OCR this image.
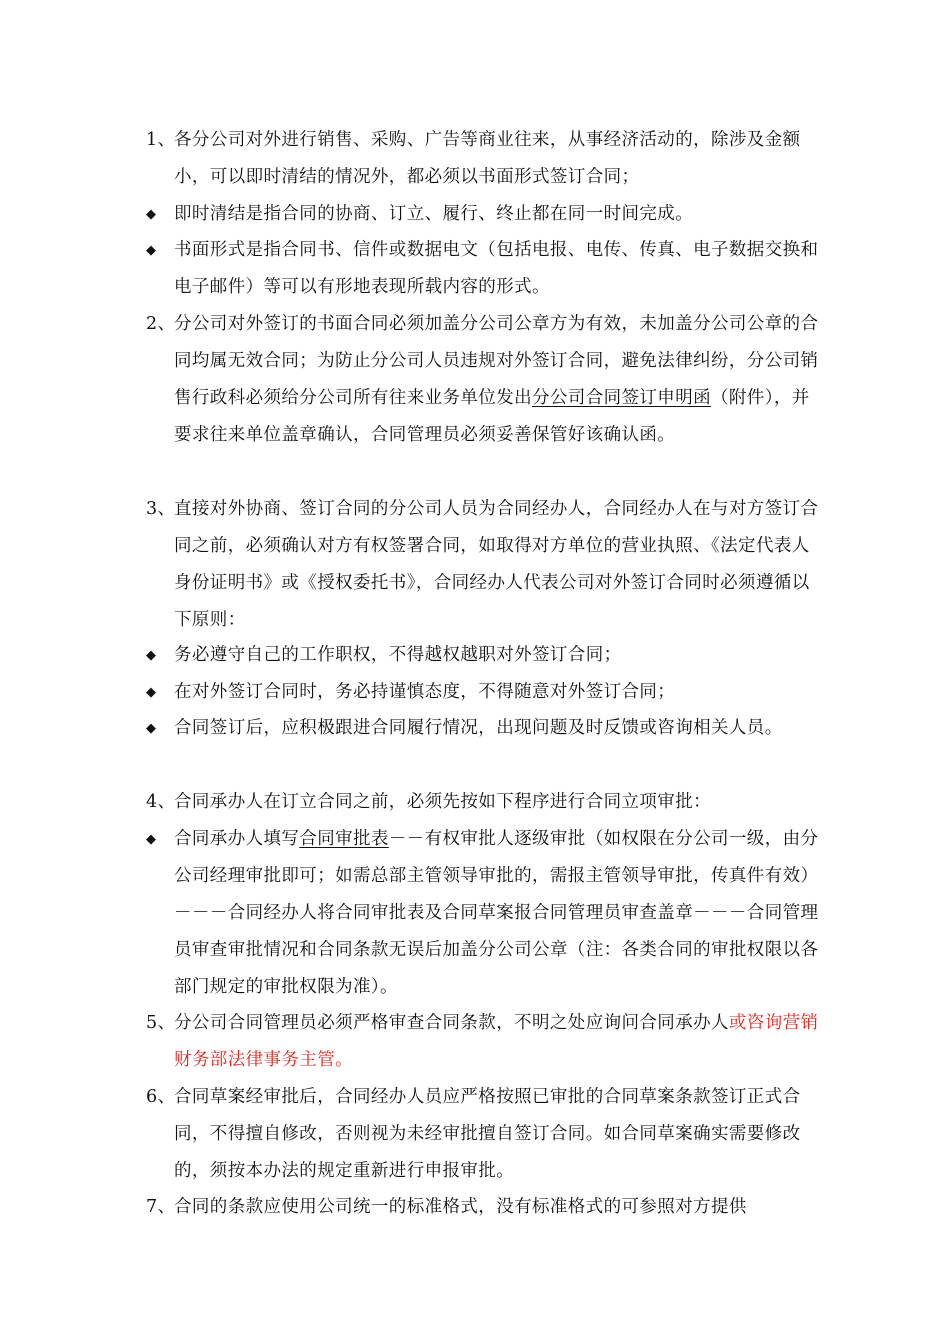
1、
各分公司对外进行销售、采购、广告等商业往来，从事经济活动的，除涉及金额小，可以即时清结的情况外，都必须以书面形式签订合同；
◆	即时清结是指合同的协商、订立、履行、终止都在同一时间完成。
◆	书面形式是指合同书、信件或数据电文（包括电报、电传、传真、电子数据交换和电子邮件）等可以有形地表现所载内容的形式。
2、
分公司对外签订的书面合同必须加盖分公司公章方为有效，未加盖分公司公章的合同均属无效合同；为防止分公司人员违规对外签订合同，避免法律纠纷，分公司销售行政科必须给分公司所有往来业务单位发出分公司合同签订申明函（附件），并要求往来单位盖章确认，合同管理员必须妥善保管好该确认函。
3、
直接对外协商、签订合同的分公司人员为合同经办人，合同经办人在与对方签订合同之前，必须确认对方有权签署合同，如取得对方单位的营业执照、《法定代表人身份证明书》或《授权委托书》，合同经办人代表公司对外签订合同时必须遵循以下原则：
◆	务必遵守自己的工作职权，不得越权越职对外签订合同；
◆	在对外签订合同时，务必持谨慎态度，不得随意对外签订合同；
◆	合同签订后，应积极跟进合同履行情况，出现问题及时反馈或咨询相关人员。
4、
合同承办人在订立合同之前，必须先按如下程序进行合同立项审批：
◆	合同承办人填写合同审批表－－有权审批人逐级审批（如权限在分公司一级，由分公司经理审批即可；如需总部主管领导审批的，需报主管领导审批，传真件有效）－－－合同经办人将合同审批表及合同草案报合同管理员审查盖章－－－合同管理员审查审批情况和合同条款无误后加盖分公司公章（注：各类合同的审批权限以各部门规定的审批权限为准）。
5、
分公司合同管理员必须严格审查合同条款，不明之处应询问合同承办人或咨询营销财务部法律事务主管。
6、
合同草案经审批后，合同经办人员应严格按照已审批的合同草案条款签订正式合同，不得擅自修改，否则视为未经审批擅自签订合同。如合同草案确实需要修改的，须按本办法的规定重新进行申报审批。
7、
合同的条款应使用公司统一的标准格式，没有标准格式的可参照对方提供
